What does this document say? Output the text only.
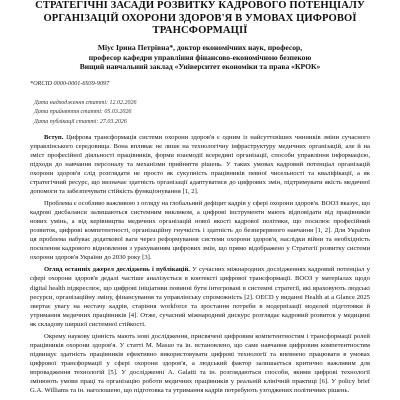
СТРАТЕГІЧНІ ЗАСАДИ РОЗВИТКУ КАДРОВОГО ПОТЕНЦІАЛУ
ОРГАНІЗАЦІЙ ОХОРОНИ ЗДОРОВ'Я В УМОВАХ ЦИФРОВОЇ
ТРАНСФОРМАЦІЇ
Міус Ірина Петрівна*, доктор економічних наук, професор,
професор кафедри управління фінансово-економічною безпекою
Вищий навчальний заклад «Університет економіки та права «КРОК»
*ORCID 0000-0001-6939-9097
Дата надходження статті: 12.02.2026
Дата прийняття статті: 05.03.2026
Дата публікації статті: 27.03.2026

Вступ. Цифрова трансформація системи охорони здоров'я є одним із найсуттєвіших чинників зміни сучасного управлінського середовища. Вона впливає не лише на технологічну інфраструктуру медичних організацій, але й на зміст професійної діяльності працівників, форми взаємодії всередині організації, способи управління інформацією, підходи до навчання персоналу та механізми прийняття рішень. У таких умовах кадровий потенціал організацій охорони здоров'я слід розглядати не просто як сукупність працівників певної чисельності та кваліфікації, а як стратегічний ресурс, що визначає здатність організації адаптуватися до цифрових змін, підтримувати якість медичної допомоги та забезпечувати стійкість функціонування [1, 2].

Проблема є особливо важливою з огляду на глобальний дефіцит кадрів у сфері охорони здоров'я. ВООЗ вказує, що кадрові дисбаланси залишаються системним викликом, а цифрові інструменти мають відповідати від працівників нових умінь, а від керівництва медичних організацій нової якості кадрової політики, що посилює професійний розвиток, цифрові компетентності, організаційну гнучкість і здатність до безперервного навчання [1, 2]. Для України ця проблема набуває додаткової ваги через реформування системи охорони здоров'я, наслідки війни та необхідність посилення кадрового відновлення з урахуванням цифрових змін, що прямо відображено у Стратегії розвитку системи охорони здоров'я України до 2030 року [3].

Огляд останніх джерел досліджень і публікацій. У сучасних міжнародних дослідженнях кадровий потенціал у сфері охорони здоров'я дедалі частіше аналізується в контексті цифрової трансформації. ВООЗ у матеріалах щодо digital health підкреслює, що цифрові ініціативи повинні бути інтегровані в системні стратегії, які враховують людські ресурси, організаційну зміну, фінансування та управлінську спроможність [2]. OECD у виданні Health at a Glance 2025 звертає увагу на нестачу кадрів, старіння workforce та зростання потреби в модернізації моделей підготовки й утримання медичних працівників [4]. Отже, сучасний міжнародний дискурс розглядає кадровий розвиток у медицині як складову ширшої системної стійкості.

Окрему наукову цінність мають нові дослідження, присвячені цифровим компетентностям і трансформації ролей працівників охорони здоров'я. У статті M. Masuo та ін. встановлено, що саме навчання цифровим компетентностям підвищує здатність працівників ефективно використовувати цифрові технології та впевнено працювати в умовах цифрової трансформації у сфері охорони здоров'я, а людський фактор залишається критично важливим для впровадження технологій [5]. У дослідженні A. Galatti та ін. розглядаються способи, якими цифрові технології змінюють умови праці та організацію роботи медичних працівників у реальній клінічній практиці [6]. У policy brief G.A. Williams та ін. наголошено, що підготовка та утримання кадрів потребують узгоджених політичних рішень.
